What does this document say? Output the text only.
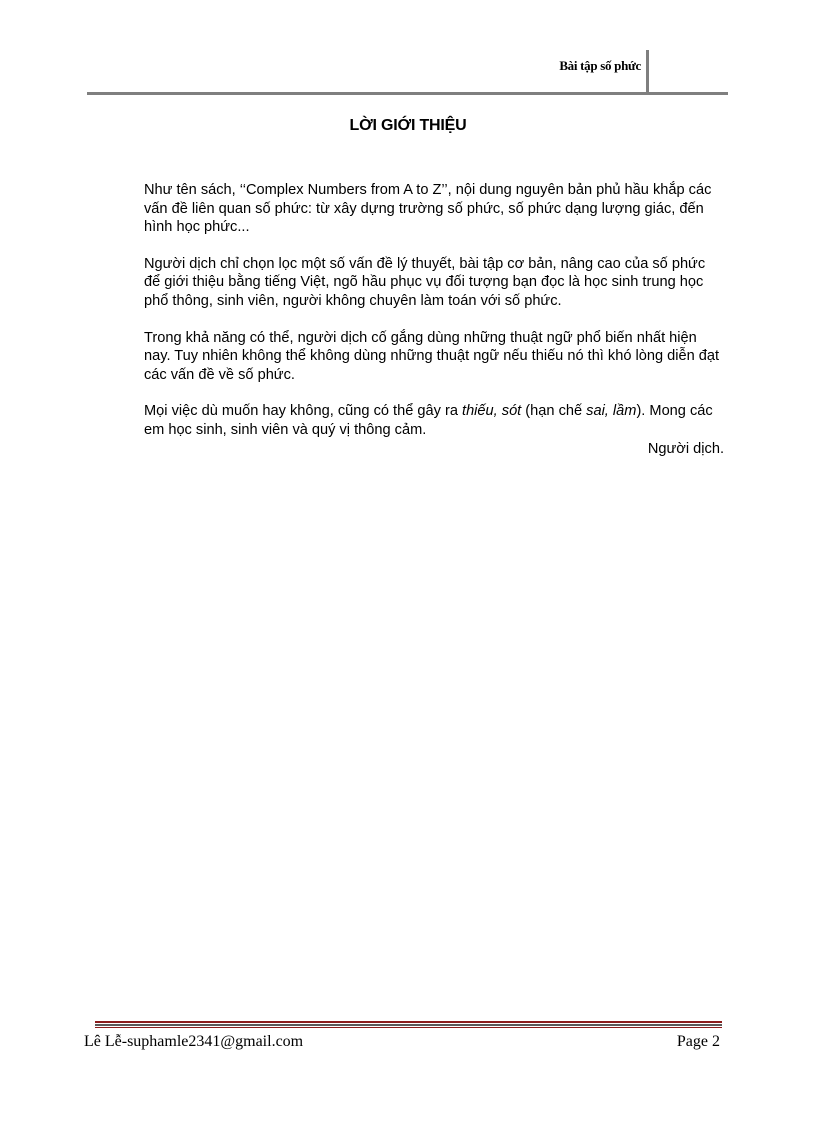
Bài tập số phức
LỜI GIỚI THIỆU

Như tên sách, ‘‘Complex Numbers from A to Z’’, nội dung nguyên bản phủ hầu khắp các vấn đề liên quan số phức: từ xây dựng trường số phức, số phức dạng lượng giác, đến hình học phức...

Người dịch chỉ chọn lọc một số vấn đề lý thuyết, bài tập cơ bản, nâng cao của số phức để giới thiệu bằng tiếng Việt, ngõ hầu phục vụ đối tượng bạn đọc là học sinh trung học phổ thông, sinh viên, người không chuyên làm toán với số phức.

Trong khả năng có thể, người dịch cố gắng dùng những thuật ngữ phổ biến nhất hiện nay. Tuy nhiên không thể không dùng những thuật ngữ nếu thiếu nó thì khó lòng diễn đạt các vấn đề về số phức.

Mọi việc dù muốn hay không, cũng có thể gây ra thiếu, sót (hạn chế sai, lầm). Mong các em học sinh, sinh viên và quý vị thông cảm.

Người dịch.

Lê Lễ-suphamle2341@gmail.com	Page 2
